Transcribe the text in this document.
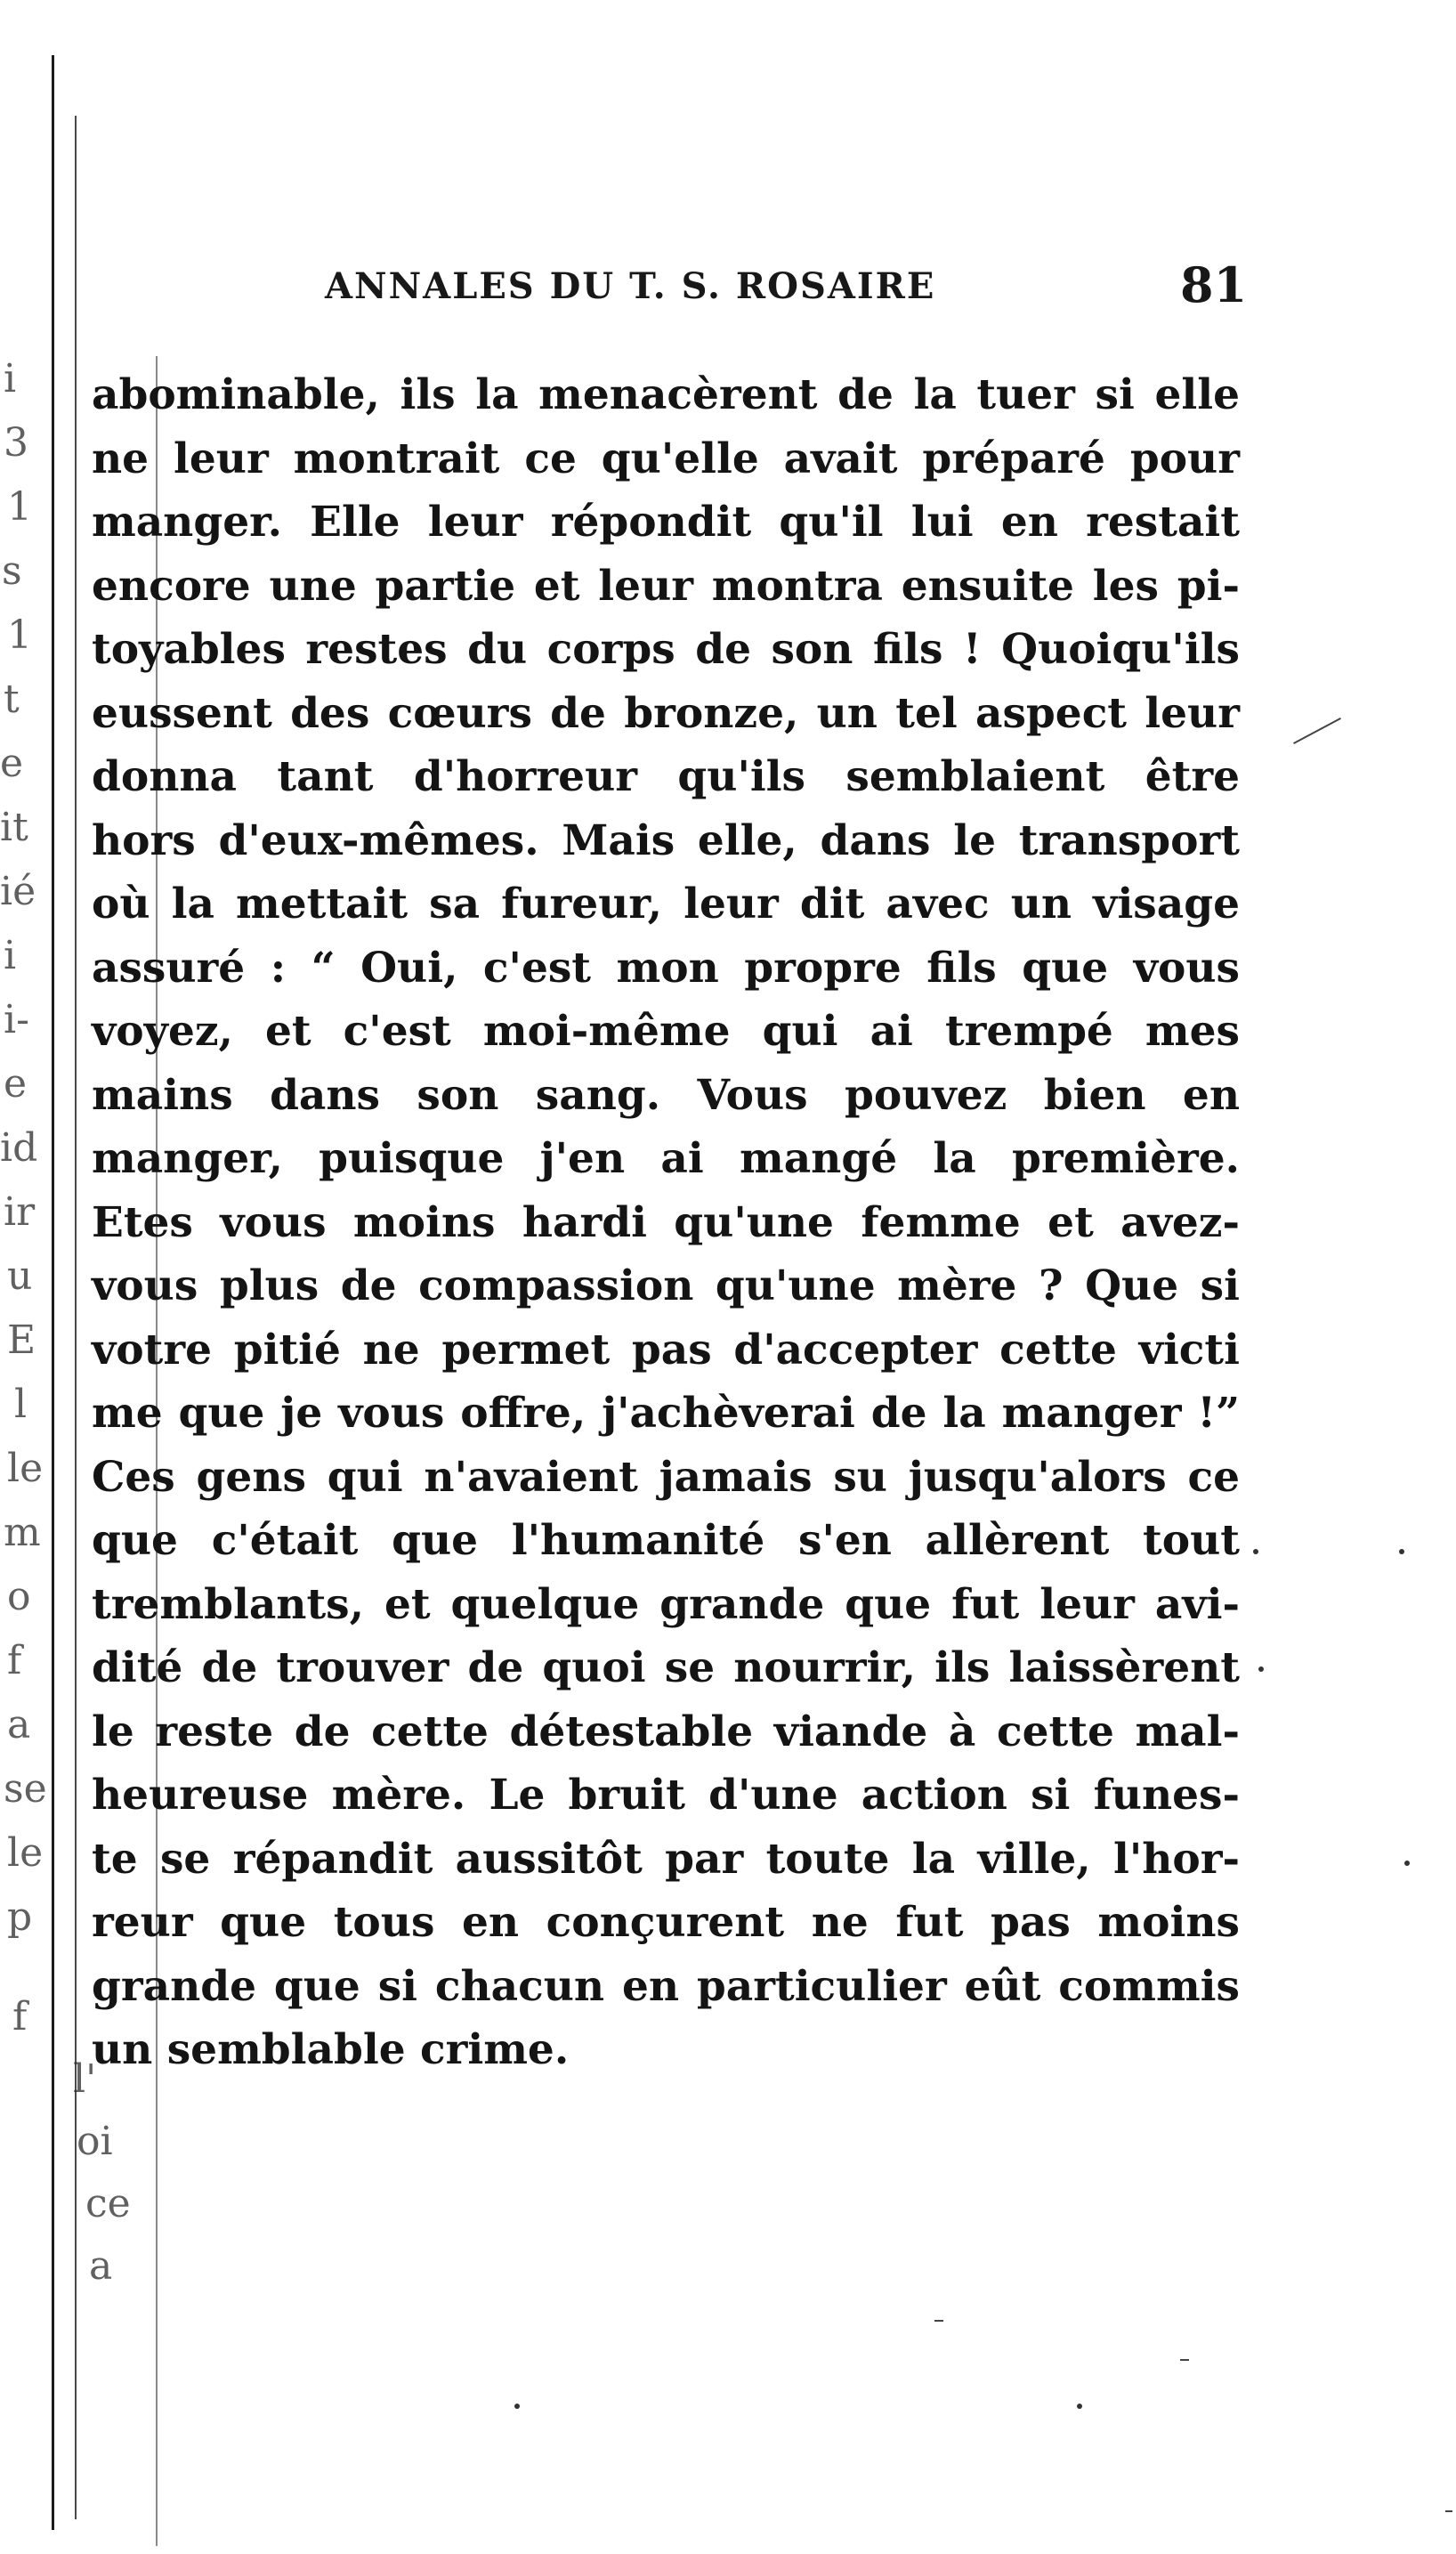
i
3
1
s
1
t
e
it
ié
i
i-
e
id
ir
u
E
l
le
m
o
f
a
se
le
p
f
l'
oi
ce
a
ANNALES DU T. S. ROSAIRE	81
abominable, ils la menacèrent de la tuer si elle
ne leur montrait ce qu'elle avait préparé pour
manger. Elle leur répondit qu'il lui en restait
encore une partie et leur montra ensuite les pi-
toyables restes du corps de son fils ! Quoiqu'ils
eussent des cœurs de bronze, un tel aspect leur
donna tant d'horreur qu'ils semblaient être
hors d'eux-mêmes. Mais elle, dans le transport
où la mettait sa fureur, leur dit avec un visage
assuré : “ Oui, c'est mon propre fils que vous
voyez, et c'est moi-même qui ai trempé mes
mains dans son sang. Vous pouvez bien en
manger, puisque j'en ai mangé la première.
Etes vous moins hardi qu'une femme et avez-
vous plus de compassion qu'une mère ? Que si
votre pitié ne permet pas d'accepter cette victi
me que je vous offre, j'achèverai de la manger !”
Ces gens qui n'avaient jamais su jusqu'alors ce
que c'était que l'humanité s'en allèrent tout
tremblants, et quelque grande que fut leur avi-
dité de trouver de quoi se nourrir, ils laissèrent
le reste de cette détestable viande à cette mal-
heureuse mère. Le bruit d'une action si funes-
te se répandit aussitôt par toute la ville, l'hor-
reur que tous en conçurent ne fut pas moins
grande que si chacun en particulier eût commis
un semblable crime.
